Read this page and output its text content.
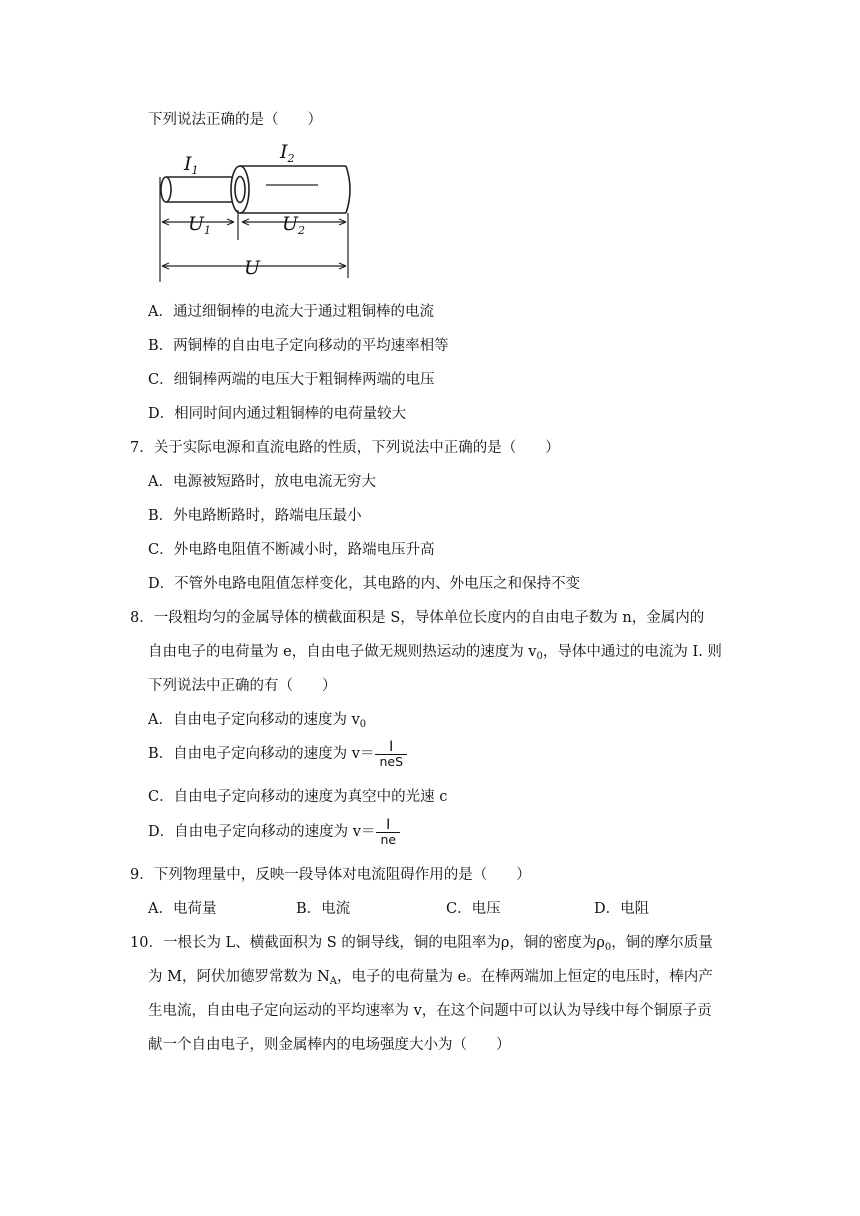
下列说法正确的是（　　）
$I_1$
$I_2$
$U_1$	$U_2$
U
A．通过细铜棒的电流大于通过粗铜棒的电流
B．两铜棒的自由电子定向移动的平均速率相等
C．细铜棒两端的电压大于粗铜棒两端的电压
D．相同时间内通过粗铜棒的电荷量较大
7．关于实际电源和直流电路的性质，下列说法中正确的是（　　）
A．电源被短路时，放电电流无穷大
B．外电路断路时，路端电压最小
C．外电路电阻值不断减小时，路端电压升高
D．不管外电路电阻值怎样变化，其电路的内、外电压之和保持不变
8．一段粗均匀的金属导体的横截面积是 S，导体单位长度内的自由电子数为 n，金属内的
自由电子的电荷量为 e，自由电子做无规则热运动的速度为 $v_0$，导体中通过的电流为 I. 则
下列说法中正确的有（　　）
A．自由电子定向移动的速度为 $v_0$
B．自由电子定向移动的速度为 $v= \frac{I}{\text{neS}}$
C．自由电子定向移动的速度为真空中的光速 c
D．自由电子定向移动的速度为 $v= \frac{I}{ne}$
9．下列物理量中，反映一段导体对电流阻碍作用的是（　　）
A．电荷量	B．电流	C．电压	D．电阻
10．一根长为 L、横截面积为 S 的铜导线，铜的电阻率为ρ，铜的密度为$\rho_0$，铜的摩尔质量
为 M，阿伏加德罗常数为 $N_A$，电子的电荷量为 e。在棒两端加上恒定的电压时，棒内产
生电流，自由电子定向运动的平均速率为 v，在这个问题中可以认为导线中每个铜原子贡
献一个自由电子，则金属棒内的电场强度大小为（　　）
